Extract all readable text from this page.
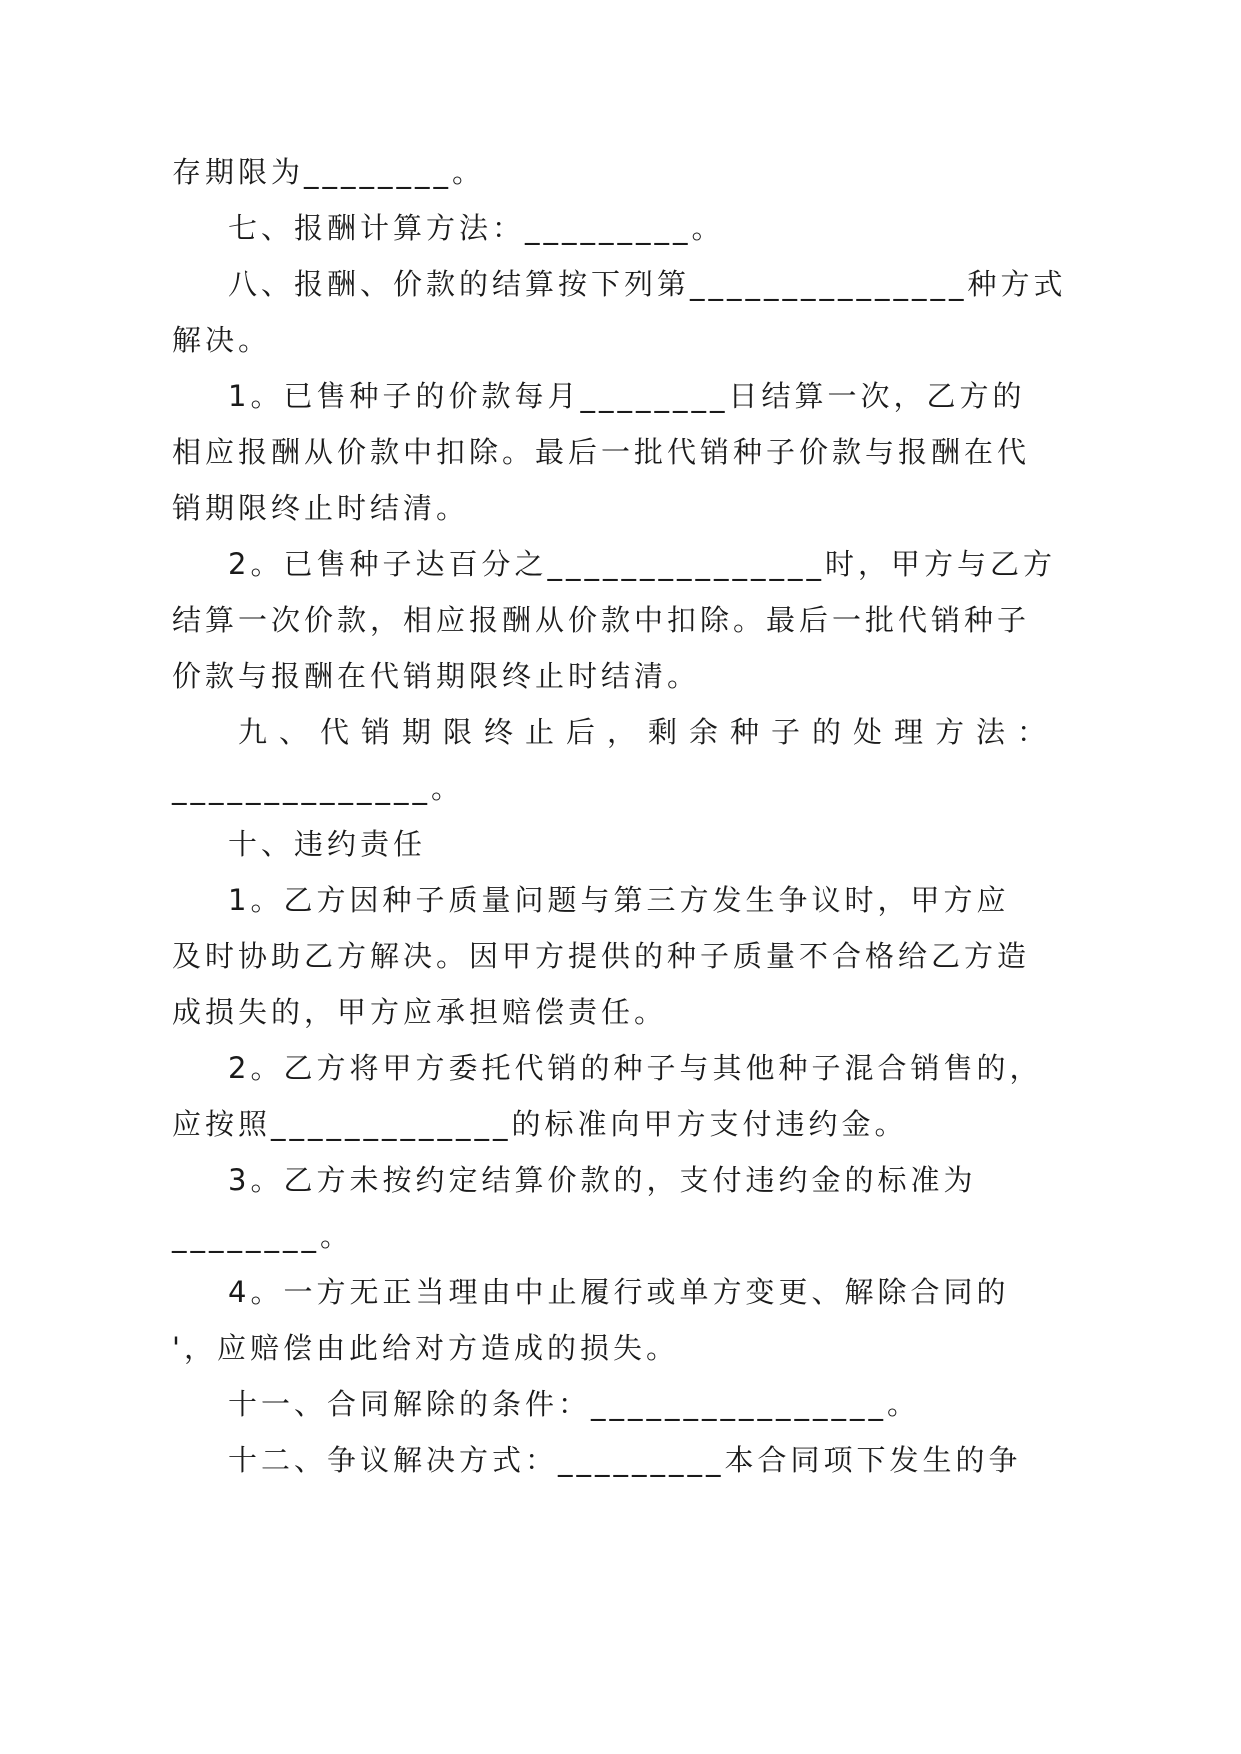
存期限为________。
七、报酬计算方法：_________。
八、报酬、价款的结算按下列第_______________种方式
解决。
1。已售种子的价款每月________日结算一次，乙方的
相应报酬从价款中扣除。最后一批代销种子价款与报酬在代
销期限终止时结清。
2。已售种子达百分之_______________时，甲方与乙方
结算一次价款，相应报酬从价款中扣除。最后一批代销种子
价款与报酬在代销期限终止时结清。
九、代销期限终止后，剩余种子的处理方法：
______________。
十、违约责任
1。乙方因种子质量问题与第三方发生争议时，甲方应
及时协助乙方解决。因甲方提供的种子质量不合格给乙方造
成损失的，甲方应承担赔偿责任。
2。乙方将甲方委托代销的种子与其他种子混合销售的，
应按照_____________的标准向甲方支付违约金。
3。乙方未按约定结算价款的，支付违约金的标准为
________。
4。一方无正当理由中止履行或单方变更、解除合同的
'，应赔偿由此给对方造成的损失。
十一、合同解除的条件：________________。
十二、争议解决方式：_________本合同项下发生的争
